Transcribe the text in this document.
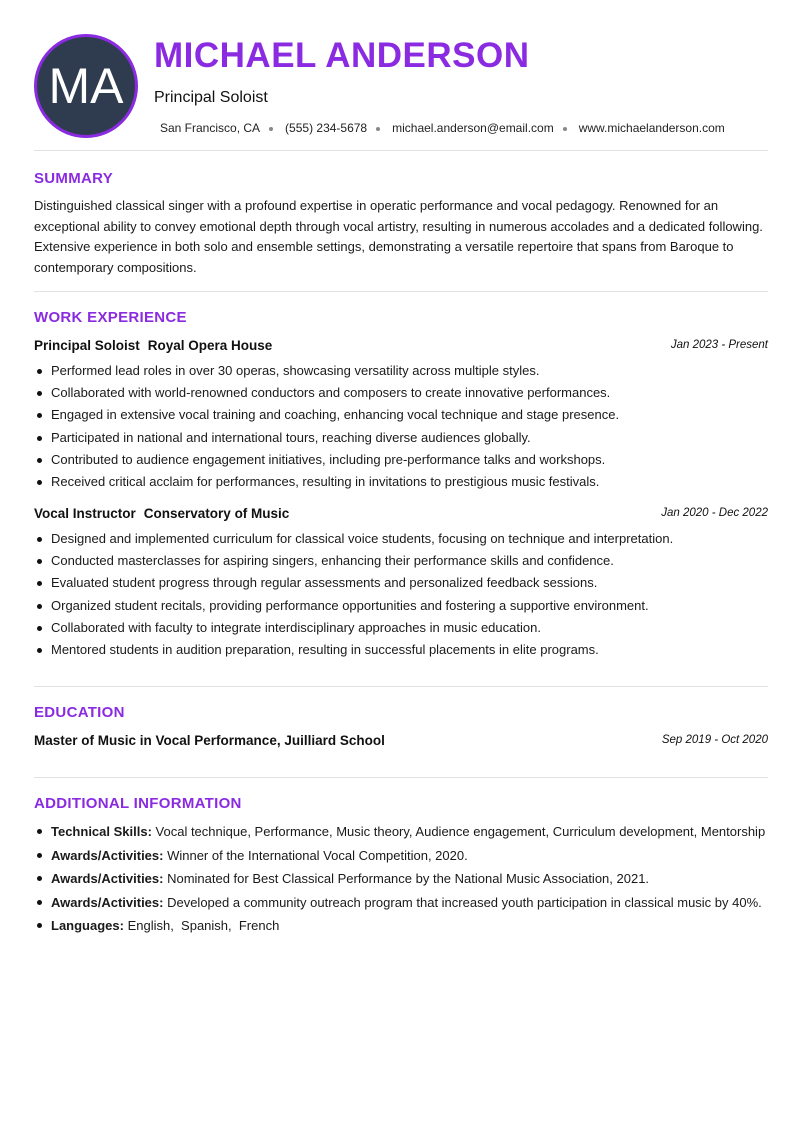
MA
MICHAEL ANDERSON
Principal Soloist
San Francisco, CA (555) 234-5678 michael.anderson@email.com www.michaelanderson.com
SUMMARY
Distinguished classical singer with a profound expertise in operatic performance and vocal pedagogy. Renowned for an exceptional ability to convey emotional depth through vocal artistry, resulting in numerous accolades and a dedicated following. Extensive experience in both solo and ensemble settings, demonstrating a versatile repertoire that spans from Baroque to contemporary compositions.
WORK EXPERIENCE
Principal Soloist Royal Opera House	Jan 2023 - Present
Performed lead roles in over 30 operas, showcasing versatility across multiple styles.
Collaborated with world-renowned conductors and composers to create innovative performances.
Engaged in extensive vocal training and coaching, enhancing vocal technique and stage presence.
Participated in national and international tours, reaching diverse audiences globally.
Contributed to audience engagement initiatives, including pre-performance talks and workshops.
Received critical acclaim for performances, resulting in invitations to prestigious music festivals.
Vocal Instructor Conservatory of Music	Jan 2020 - Dec 2022
Designed and implemented curriculum for classical voice students, focusing on technique and interpretation.
Conducted masterclasses for aspiring singers, enhancing their performance skills and confidence.
Evaluated student progress through regular assessments and personalized feedback sessions.
Organized student recitals, providing performance opportunities and fostering a supportive environment.
Collaborated with faculty to integrate interdisciplinary approaches in music education.
Mentored students in audition preparation, resulting in successful placements in elite programs.
EDUCATION
Master of Music in Vocal Performance, Juilliard School	Sep 2019 - Oct 2020
ADDITIONAL INFORMATION
Technical Skills: Vocal technique, Performance, Music theory, Audience engagement, Curriculum development, Mentorship
Awards/Activities: Winner of the International Vocal Competition, 2020.
Awards/Activities: Nominated for Best Classical Performance by the National Music Association, 2021.
Awards/Activities: Developed a community outreach program that increased youth participation in classical music by 40%.
Languages: English,  Spanish,  French
